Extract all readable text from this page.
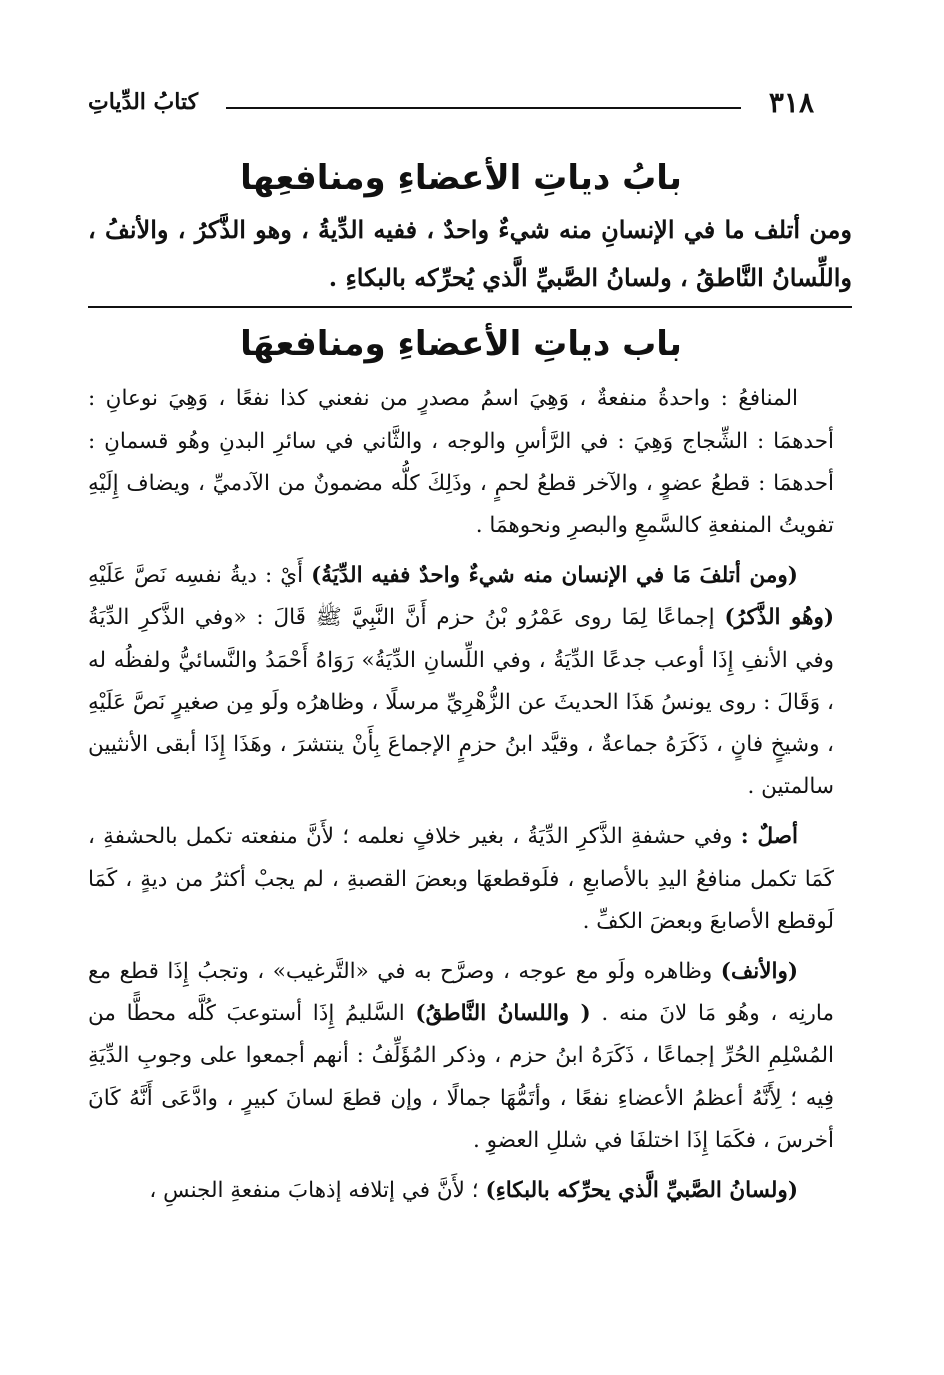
٣١٨
كتابُ الدِّياتِ
بابُ دياتِ الأعضاءِ ومنافعِها
ومن أتلف ما في الإنسانِ منه شيءٌ واحدٌ ، ففيه الدِّيةُ ، وهو الذَّكرُ ، والأنفُ ، واللِّسانُ النَّاطقُ ، ولسانُ الصَّبيِّ الَّذي يُحرِّكه بالبكاءِ .
باب دياتِ الأعضاءِ ومنافعهَا

المنافعُ : واحدةُ منفعةٌ ، وَهِيَ اسمُ مصدرٍ من نفعني كذا نفعًا ، وَهِيَ نوعانِ : أحدهمَا : الشِّجاج وَهِيَ : في الرَّأسِ والوجه ، والثَّاني في سائرِ البدنِ وهُو قسمانِ : أحدهمَا : قطعُ عضوٍ ، والآخر قطعُ لحمٍ ، وذَلِكَ كلُّه مضمونٌ من الآدميِّ ، ويضاف إِلَيْهِ تفويتُ المنفعةِ كالسَّمعِ والبصرِ ونحوهمَا .

(ومن أتلفَ مَا في الإنسان منه شيءٌ واحدٌ ففيه الدِّيَةُ) أَيْ : ديةُ نفسِه نَصَّ عَلَيْهِ (وهُو الذَّكرُ) إجماعًا لِمَا روى عَمْرُو بْنُ حزم أَنَّ النَّبِيَّ ﷺ قَالَ : «وفي الذَّكرِ الدِّيَةُ وفي الأنفِ إِذَا أوعب جدعًا الدِّيَةُ ، وفي اللِّسانِ الدِّيَةُ» رَوَاهُ أَحْمَدُ والنَّسائيُّ ولفظُه له ، وَقَالَ : روى يونسُ هَذَا الحديثَ عن الزُّهْرِيِّ مرسلًا ، وظاهرُه ولَو مِن صغيرٍ نَصَّ عَلَيْهِ ، وشيخٍ فانٍ ، ذَكَرَهُ جماعةٌ ، وقيَّد ابنُ حزمٍ الإجماعَ بِأَنْ ينتشرَ ، وهَذَا إِذَا أبقى الأنثيين سالمتين .

أصلٌ : وفي حشفةِ الذَّكرِ الدِّيَةُ ، بغير خلافٍ نعلمه ؛ لأَنَّ منفعته تكمل بالحشفةِ ، كَمَا تكمل منافعُ اليدِ بالأصابعِ ، فلَوقطعهَا وبعضَ القصبةِ ، لم يجبْ أكثرُ من ديةٍ ، كَمَا لَوقطع الأصابعَ وبعضَ الكفِّ .

(والأنف) وظاهره ولَو مع عوجه ، وصرَّح به في «التَّرغيب» ، وتجبُ إِذَا قطع مع مارنِه ، وهُو مَا لانَ منه . ( واللسانُ النَّاطقُ) السَّليمُ إِذَا أستوعبَ كُلَّه محطًّا من المُسْلِمِ الحُرِّ إجماعًا ، ذَكَرَهُ ابنُ حزم ، وذكر المُؤَلِّفُ : أنهم أجمعوا على وجوبِ الدِّيَةِ فِيه ؛ لِأَنَّهُ أعظمُ الأعضاءِ نفعًا ، وأتَمُّهَا جمالًا ، وإن قطعَ لسانَ كبيرٍ ، وادَّعَى أَنَّهُ كَانَ أخرسَ ، فكَمَا إِذَا اختلفَا في شللِ العضوِ .

(ولسانُ الصَّبيِّ الَّذي يحرِّكه بالبكاءِ) ؛ لأَنَّ في إتلافه إذهابَ منفعةِ الجنسِ ،
